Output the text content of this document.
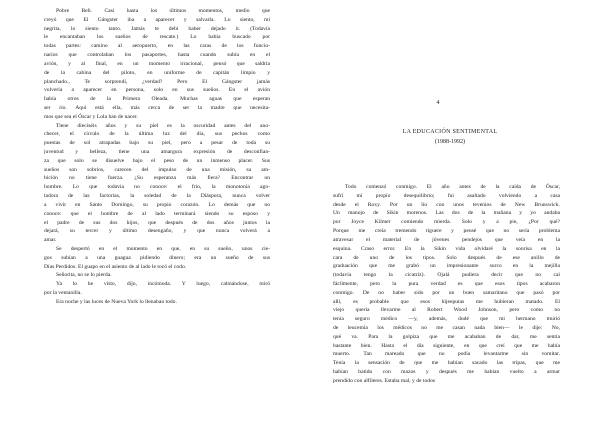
Pobre Beli. Casi hasta los últimos momentos, medio que
creyó que El Gángster iba a aparecer y salvarla. Lo siento, mi
negrita, lo siento tanto. Jamás te debí haber dejado ir. (Todavía
le encantaban los sueños de rescate.) Lo había buscado por
todas partes: camino al aeropuerto, en las caras de los funcio-
narios que controlaban los pasaportes, hasta cuando subía en el
avión, y al final, en un momento irracional, pensó que saldría
de la cabina del piloto, en uniforme de capitán limpio y
planchado., Te sorprendí, ¿verdad? Pero El Gángster jamás
volvería a aparecer en persona, solo en sus sueños. En el avión
había otros de la Primera Oleada. Muchas aguas que esperan
ser río. Aquí está ella, más cerca de ser la madre que necesita-
mos que sea el Óscar y Lola han de nacer.
Tiene dieciséis años y su piel es la oscuridad antes del ano-
checer, el círculo de la última luz del día, sus pechos como
puestas de sol atrapadas bajo su piel, pero a pesar de toda su
juventud y belleza, tiene una amargura expresión de desconfian-
za que solo se disuelve bajo el peso de un inmenso placer. Sus
sueños son sobrios, carecen del impulso de una misión, su am-
bición no tiene fuerza. ¿Su esperanza más fiera? Encontrar un
hombre. Lo que todavía no conoce: el frío, la monotonía ago-
tadora de las factorías, la soledad de la Diáspora, nunca volver
a vivir en Santo Domingo, su propio corazón. Lo demás que no
conoce: que el hombre de al lado terminará siendo su esposo y
el padre de sus dos hijos, que después de dos años juntos la
dejará, su tercer y último desengaño, y que nunca volverá a
amar.
Se despertó en el momento en que, en su sueño, unos cie-
gos subían a una guagua pidiendo dinero; era un sueño de sus
Días Perdidos. El guapo en el asiento de al lado le tocó el codo.
Señorita, no se lo pierda.
Ya lo he visto, dijo, incómoda. Y luego, calmándose, miró
por la ventanilla.
Era noche y las luces de Nueva York lo llenaban todo.
4
LA EDUCACIÓN SENTIMENTAL
(1988-1992)
Todo comenzó conmigo. El año antes de la caída de Óscar,
sufrí mi propio desequilibrio; fui asaltado volviendo a casa
desde el Roxy. Por un lío con unos tevenios de New Brunswick.
Un manojo de Sikin morenos. Las dos de la mañana y yo andaba
por Joyce Kilmer comiendo mierda. Solo y a pie, ¿Por qué?
Porque me creía tremendo tíguere y pensé que no sería problema
atravesar el material de jóvenes pendejos que veía en la
esquina. Craso error. En la Sikin vida olvidaré la sonrisa en la
cara de uno de los tipos. Solo después de ese anillo de
graduación que me grabó un impresionante surco en la mejilla
(todavía tengo la cicatriz). Ojalá pudiera decir que no caí
fácilmente, pero la pura verdad es que esos tipos acabaron
conmigo. De no haber sido por un buen samaritano que pasó por
allí, es probable que esos hijeeputas me hubieran matado. El
viejo quería llevarme al Robert Wood Johnson, pero como no
tenía seguro médico —y, además, dudé que mi hermano murió
de leucemia los médicos no me casan nada bien— le dije: No,
qué va. Para la golpiza que me acababan de dar, me sentía
bastante bien. Hasta el día siguiente, en que creí que me había
muerto. Tan mareado que no podía levantarme sin vomitar.
Tenía la sensación de que me habían sacado las tripas, que me
habían batido con mazos y después me habían vuelto a armar
prendido con alfileres. Estaba mal, y de todos
